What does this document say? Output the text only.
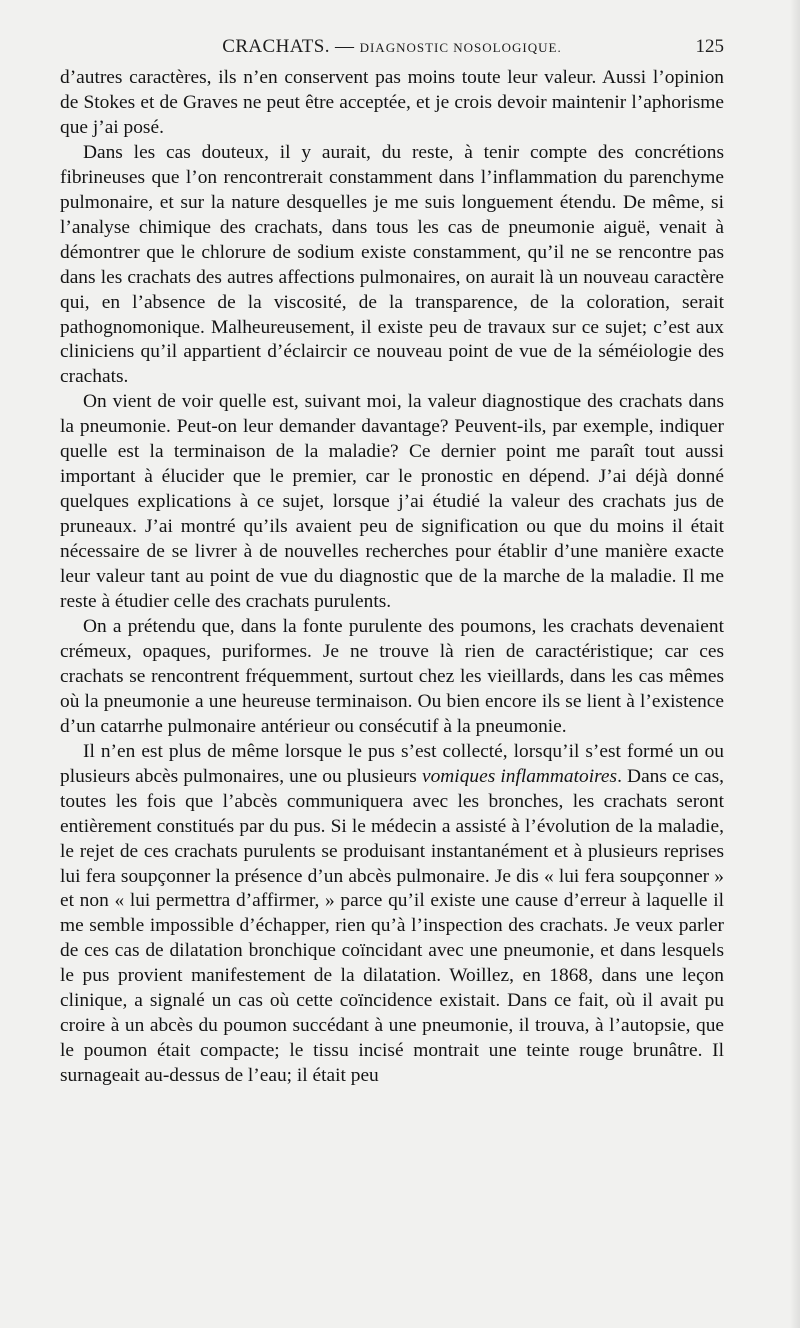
CRACHATS. — DIAGNOSTIC NOSOLOGIQUE.	125

d’autres caractères, ils n’en conservent pas moins toute leur valeur. Aussi l’opinion de Stokes et de Graves ne peut être acceptée, et je crois devoir maintenir l’aphorisme que j’ai posé.

Dans les cas douteux, il y aurait, du reste, à tenir compte des concrétions fibrineuses que l’on rencontrerait constamment dans l’inflammation du parenchyme pulmonaire, et sur la nature desquelles je me suis longuement étendu. De même, si l’analyse chimique des crachats, dans tous les cas de pneumonie aiguë, venait à démontrer que le chlorure de sodium existe constamment, qu’il ne se rencontre pas dans les crachats des autres affections pulmonaires, on aurait là un nouveau caractère qui, en l’absence de la viscosité, de la transparence, de la coloration, serait pathognomonique. Malheureusement, il existe peu de travaux sur ce sujet; c’est aux cliniciens qu’il appartient d’éclaircir ce nouveau point de vue de la séméiologie des crachats.

On vient de voir quelle est, suivant moi, la valeur diagnostique des crachats dans la pneumonie. Peut-on leur demander davantage? Peuvent-ils, par exemple, indiquer quelle est la terminaison de la maladie? Ce dernier point me paraît tout aussi important à élucider que le premier, car le pronostic en dépend. J’ai déjà donné quelques explications à ce sujet, lorsque j’ai étudié la valeur des crachats jus de pruneaux. J’ai montré qu’ils avaient peu de signification ou que du moins il était nécessaire de se livrer à de nouvelles recherches pour établir d’une manière exacte leur valeur tant au point de vue du diagnostic que de la marche de la maladie. Il me reste à étudier celle des crachats purulents.

On a prétendu que, dans la fonte purulente des poumons, les crachats devenaient crémeux, opaques, puriformes. Je ne trouve là rien de caractéristique; car ces crachats se rencontrent fréquemment, surtout chez les vieillards, dans les cas mêmes où la pneumonie a une heureuse terminaison. Ou bien encore ils se lient à l’existence d’un catarrhe pulmonaire antérieur ou consécutif à la pneumonie.

Il n’en est plus de même lorsque le pus s’est collecté, lorsqu’il s’est formé un ou plusieurs abcès pulmonaires, une ou plusieurs vomiques inflammatoires. Dans ce cas, toutes les fois que l’abcès communiquera avec les bronches, les crachats seront entièrement constitués par du pus. Si le médecin a assisté à l’évolution de la maladie, le rejet de ces crachats purulents se produisant instantanément et à plusieurs reprises lui fera soupçonner la présence d’un abcès pulmonaire. Je dis « lui fera soupçonner » et non « lui permettra d’affirmer, » parce qu’il existe une cause d’erreur à laquelle il me semble impossible d’échapper, rien qu’à l’inspection des crachats. Je veux parler de ces cas de dilatation bronchique coïncidant avec une pneumonie, et dans lesquels le pus provient manifestement de la dilatation. Woillez, en 1868, dans une leçon clinique, a signalé un cas où cette coïncidence existait. Dans ce fait, où il avait pu croire à un abcès du poumon succédant à une pneumonie, il trouva, à l’autopsie, que le poumon était compacte; le tissu incisé montrait une teinte rouge brunâtre. Il surnageait au-dessus de l’eau; il était peu
